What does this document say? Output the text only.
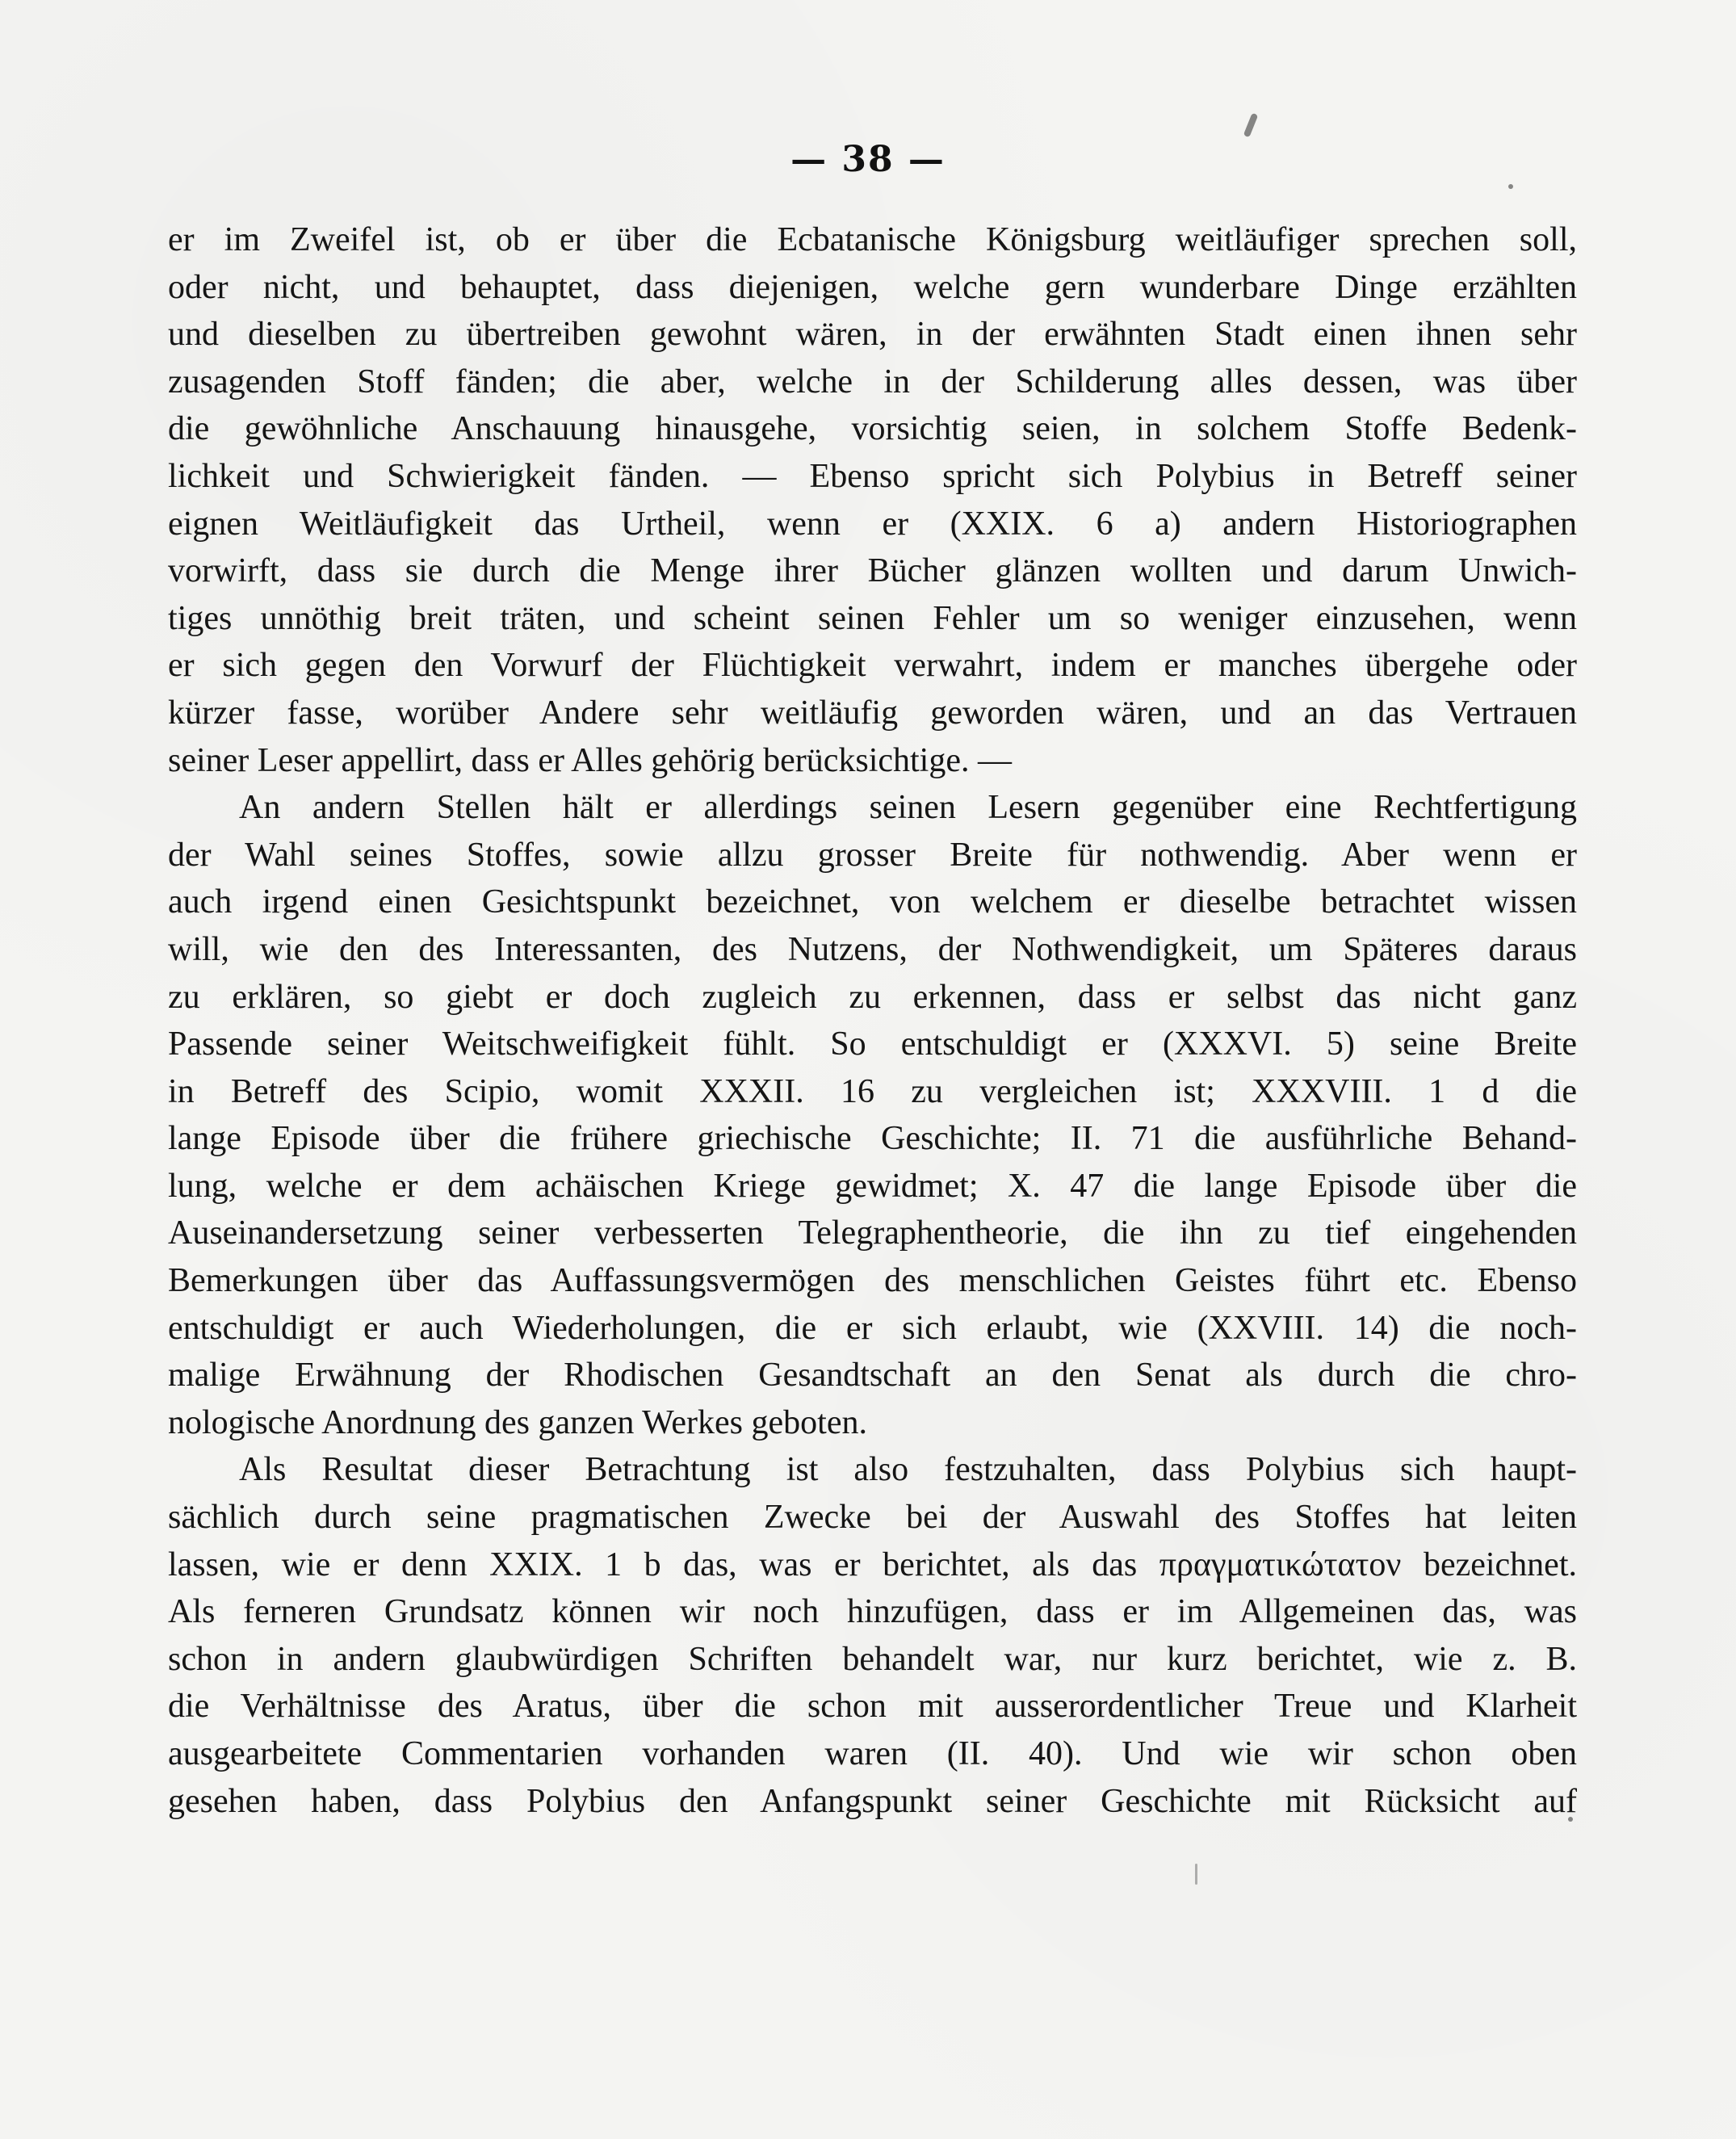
— 38 —
er im Zweifel ist, ob er über die Ecbatanische Königsburg weitläufiger sprechen soll,
oder nicht, und behauptet, dass diejenigen, welche gern wunderbare Dinge erzählten
und dieselben zu übertreiben gewohnt wären, in der erwähnten Stadt einen ihnen sehr
zusagenden Stoff fänden; die aber, welche in der Schilderung alles dessen, was über
die gewöhnliche Anschauung hinausgehe, vorsichtig seien, in solchem Stoffe Bedenk-
lichkeit und Schwierigkeit fänden. — Ebenso spricht sich Polybius in Betreff seiner
eignen Weitläufigkeit das Urtheil, wenn er (XXIX. 6 a) andern Historiographen
vorwirft, dass sie durch die Menge ihrer Bücher glänzen wollten und darum Unwich-
tiges unnöthig breit träten, und scheint seinen Fehler um so weniger einzusehen, wenn
er sich gegen den Vorwurf der Flüchtigkeit verwahrt, indem er manches übergehe oder
kürzer fasse, worüber Andere sehr weitläufig geworden wären, und an das Vertrauen
seiner Leser appellirt, dass er Alles gehörig berücksichtige. —
An andern Stellen hält er allerdings seinen Lesern gegenüber eine Rechtfertigung
der Wahl seines Stoffes, sowie allzu grosser Breite für nothwendig. Aber wenn er
auch irgend einen Gesichtspunkt bezeichnet, von welchem er dieselbe betrachtet wissen
will, wie den des Interessanten, des Nutzens, der Nothwendigkeit, um Späteres daraus
zu erklären, so giebt er doch zugleich zu erkennen, dass er selbst das nicht ganz
Passende seiner Weitschweifigkeit fühlt. So entschuldigt er (XXXVI. 5) seine Breite
in Betreff des Scipio, womit XXXII. 16 zu vergleichen ist; XXXVIII. 1 d die
lange Episode über die frühere griechische Geschichte; II. 71 die ausführliche Behand-
lung, welche er dem achäischen Kriege gewidmet; X. 47 die lange Episode über die
Auseinandersetzung seiner verbesserten Telegraphentheorie, die ihn zu tief eingehenden
Bemerkungen über das Auffassungsvermögen des menschlichen Geistes führt etc. Ebenso
entschuldigt er auch Wiederholungen, die er sich erlaubt, wie (XXVIII. 14) die noch-
malige Erwähnung der Rhodischen Gesandtschaft an den Senat als durch die chro-
nologische Anordnung des ganzen Werkes geboten.
Als Resultat dieser Betrachtung ist also festzuhalten, dass Polybius sich haupt-
sächlich durch seine pragmatischen Zwecke bei der Auswahl des Stoffes hat leiten
lassen, wie er denn XXIX. 1 b das, was er berichtet, als das πραγματικώτατον bezeichnet.
Als ferneren Grundsatz können wir noch hinzufügen, dass er im Allgemeinen das, was
schon in andern glaubwürdigen Schriften behandelt war, nur kurz berichtet, wie z. B.
die Verhältnisse des Aratus, über die schon mit ausserordentlicher Treue und Klarheit
ausgearbeitete Commentarien vorhanden waren (II. 40). Und wie wir schon oben
gesehen haben, dass Polybius den Anfangspunkt seiner Geschichte mit Rücksicht auf
